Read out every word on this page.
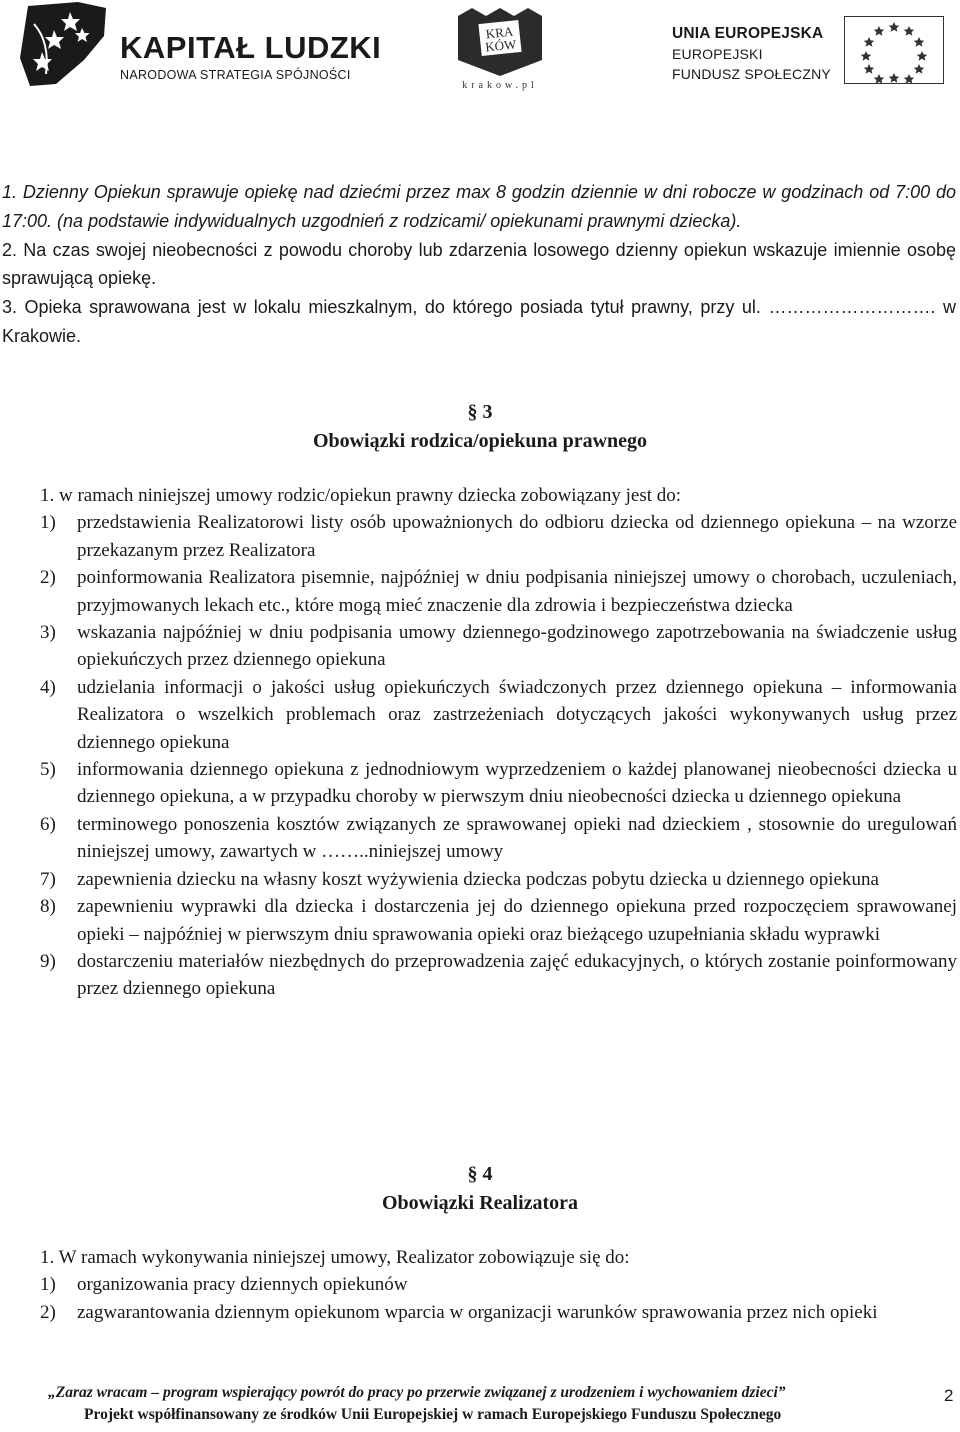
KAPITAŁ LUDZKI
NARODOWA STRATEGIA SPÓJNOŚCI
KRA
KÓW
krakow.pl
UNIA EUROPEJSKA
EUROPEJSKI
FUNDUSZ SPOŁECZNY

1. Dzienny Opiekun sprawuje opiekę nad dziećmi przez max 8 godzin dziennie w dni robocze w godzinach od 7:00 do 17:00. (na podstawie indywidualnych uzgodnień z rodzicami/ opiekunami prawnymi dziecka).

2. Na czas swojej nieobecności z powodu choroby lub zdarzenia losowego dzienny opiekun wskazuje imiennie osobę sprawującą opiekę.

3. Opieka sprawowana jest w lokalu mieszkalnym, do którego posiada tytuł prawny, przy ul. ………………………. w Krakowie.

§ 3
Obowiązki rodzica/opiekuna prawnego

1. w ramach niniejszej umowy rodzic/opiekun prawny dziecka zobowiązany jest do:

1) przedstawienia Realizatorowi listy osób upoważnionych do odbioru dziecka od dziennego opiekuna – na wzorze przekazanym przez Realizatora
2) poinformowania Realizatora pisemnie, najpóźniej w dniu podpisania niniejszej umowy o chorobach, uczuleniach, przyjmowanych lekach etc., które mogą mieć znaczenie dla zdrowia i bezpieczeństwa dziecka
3) wskazania najpóźniej w dniu podpisania umowy dziennego-godzinowego zapotrzebowania na świadczenie usług opiekuńczych przez dziennego opiekuna
4) udzielania informacji o jakości usług opiekuńczych świadczonych przez dziennego opiekuna – informowania Realizatora o wszelkich problemach oraz zastrzeżeniach dotyczących jakości wykonywanych usług przez dziennego opiekuna
5) informowania dziennego opiekuna z jednodniowym wyprzedzeniem o każdej planowanej nieobecności dziecka u dziennego opiekuna, a w przypadku choroby w pierwszym dniu nieobecności dziecka u dziennego opiekuna
6) terminowego ponoszenia kosztów związanych ze sprawowanej opieki nad dzieckiem , stosownie do uregulowań niniejszej umowy, zawartych w ……..niniejszej umowy
7) zapewnienia dziecku na własny koszt wyżywienia dziecka podczas pobytu dziecka u dziennego opiekuna
8) zapewnieniu wyprawki dla dziecka i dostarczenia jej do dziennego opiekuna przed rozpoczęciem sprawowanej opieki – najpóźniej w pierwszym dniu sprawowania opieki oraz bieżącego uzupełniania składu wyprawki
9) dostarczeniu materiałów niezbędnych do przeprowadzenia zajęć edukacyjnych, o których zostanie poinformowany przez dziennego opiekuna
§ 4
Obowiązki Realizatora

1. W ramach wykonywania niniejszej umowy, Realizator zobowiązuje się do:

1) organizowania pracy dziennych opiekunów
2) zagwarantowania dziennym opiekunom wparcia w organizacji warunków sprawowania przez nich opieki
„Zaraz wracam – program wspierający powrót do pracy po przerwie związanej z urodzeniem i wychowaniem dzieci”
Projekt współfinansowany ze środków Unii Europejskiej w ramach Europejskiego Funduszu Społecznego
2
